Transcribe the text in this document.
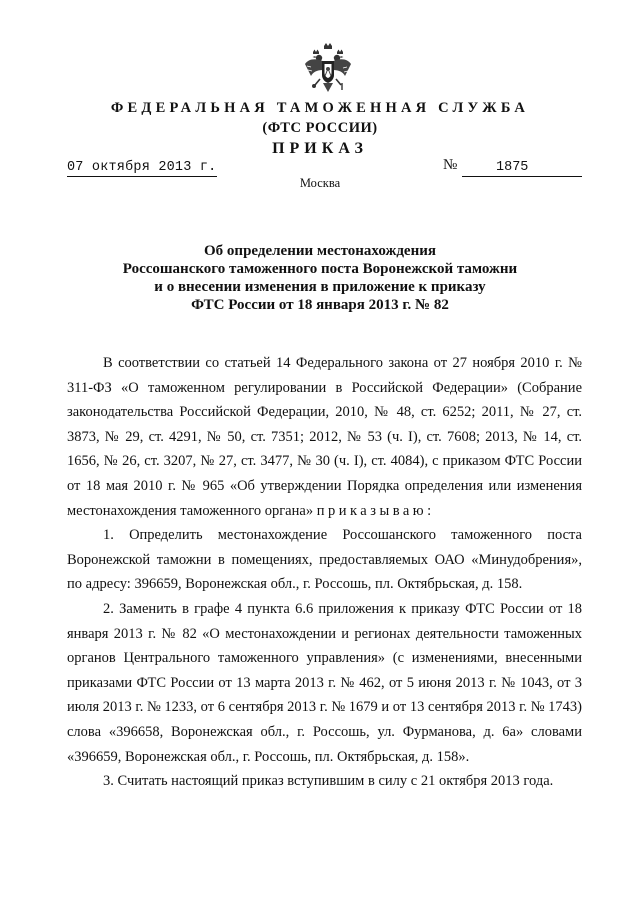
ФЕДЕРАЛЬНАЯ ТАМОЖЕННАЯ СЛУЖБА
(ФТС РОССИИ)
ПРИКАЗ
07 октября 2013 г.	№	1875
Москва
Об определении местонахождения
Россошанского таможенного поста Воронежской таможни
и о внесении изменения в приложение к приказу
ФТС России от 18 января 2013 г. № 82

В соответствии со статьей 14 Федерального закона от 27 ноября 2010 г. № 311-ФЗ «О таможенном регулировании в Российской Федерации» (Собрание законодательства Российской Федерации, 2010, № 48, ст. 6252; 2011, № 27, ст. 3873, № 29, ст. 4291, № 50, ст. 7351; 2012, № 53 (ч. I), ст. 7608; 2013, № 14, ст. 1656, № 26, ст. 3207, № 27, ст. 3477, № 30 (ч. I), ст. 4084), с приказом ФТС России от 18 мая 2010 г. № 965 «Об утверждении Порядка определения или изменения местонахождения таможенного органа» приказываю:

1. Определить местонахождение Россошанского таможенного поста Воронежской таможни в помещениях, предоставляемых ОАО «Минудобрения», по адресу: 396659, Воронежская обл., г. Россошь, пл. Октябрьская, д. 158.

2. Заменить в графе 4 пункта 6.6 приложения к приказу ФТС России от 18 января 2013 г. № 82 «О местонахождении и регионах деятельности таможенных органов Центрального таможенного управления» (с изменениями, внесенными приказами ФТС России от 13 марта 2013 г. № 462, от 5 июня 2013 г. № 1043, от 3 июля 2013 г. № 1233, от 6 сентября 2013 г. № 1679 и от 13 сентября 2013 г. № 1743) слова «396658, Воронежская обл., г. Россошь, ул. Фурманова, д. 6а» словами «396659, Воронежская обл., г. Россошь, пл. Октябрьская, д. 158».

3. Считать настоящий приказ вступившим в силу с 21 октября 2013 года.
